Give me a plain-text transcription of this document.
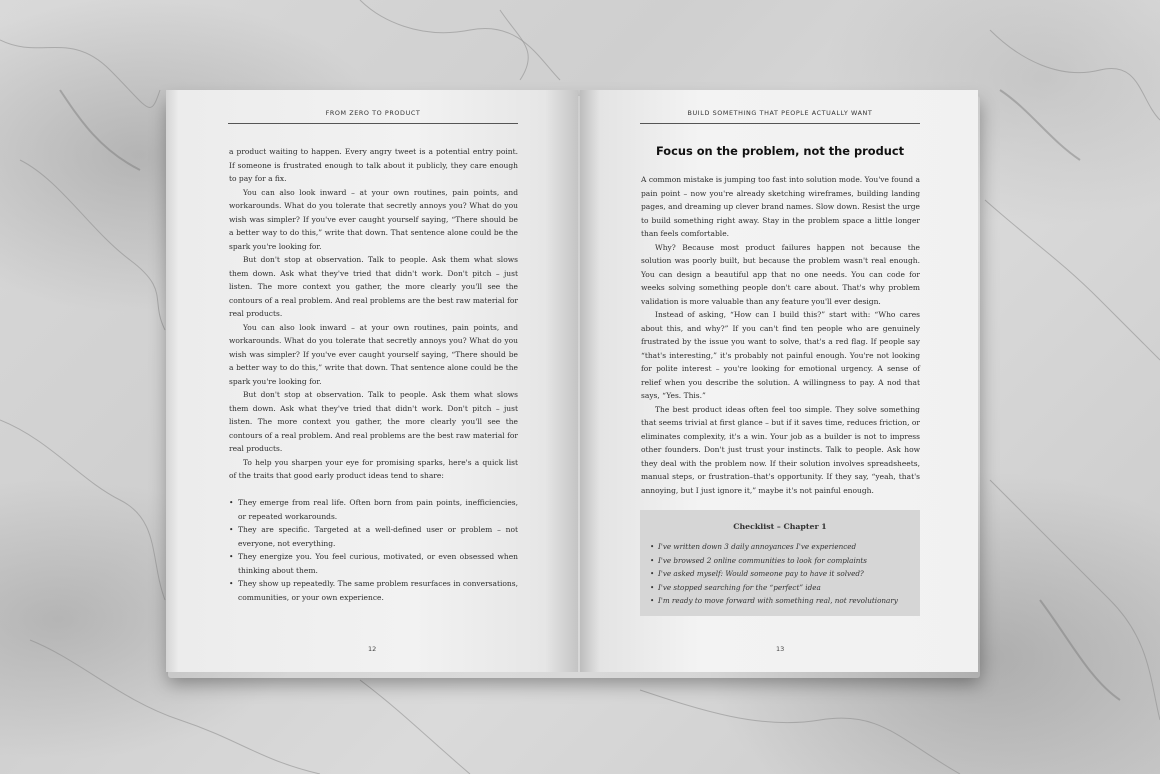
FROM ZERO TO PRODUCT

a product waiting to happen. Every angry tweet is a potential entry point. If someone is frustrated enough to talk about it publicly, they care enough to pay for a fix.

You can also look inward – at your own routines, pain points, and workarounds. What do you tolerate that secretly annoys you? What do you wish was simpler? If you've ever caught yourself saying, “There should be a better way to do this,” write that down. That sentence alone could be the spark you're looking for.

But don't stop at observation. Talk to people. Ask them what slows them down. Ask what they've tried that didn't work. Don't pitch – just listen. The more context you gather, the more clearly you'll see the contours of a real problem. And real problems are the best raw material for real products.

You can also look inward – at your own routines, pain points, and workarounds. What do you tolerate that secretly annoys you? What do you wish was simpler? If you've ever caught yourself saying, “There should be a better way to do this,” write that down. That sentence alone could be the spark you're looking for.

But don't stop at observation. Talk to people. Ask them what slows them down. Ask what they've tried that didn't work. Don't pitch – just listen. The more context you gather, the more clearly you'll see the contours of a real problem. And real problems are the best raw material for real products.

To help you sharpen your eye for promising sparks, here's a quick list of the traits that good early product ideas tend to share:

• They emerge from real life. Often born from pain points, inefficiencies, or repeated workarounds.
• They are specific. Targeted at a well-defined user or problem – not everyone, not everything.
• They energize you. You feel curious, motivated, or even obsessed when thinking about them.
• They show up repeatedly. The same problem resurfaces in conversations, communities, or your own experience.
12
BUILD SOMETHING THAT PEOPLE ACTUALLY WANT
Focus on the problem, not the product

A common mistake is jumping too fast into solution mode. You've found a pain point – now you're already sketching wireframes, building landing pages, and dreaming up clever brand names. Slow down. Resist the urge to build something right away. Stay in the problem space a little longer than feels comfortable.

Why? Because most product failures happen not because the solution was poorly built, but because the problem wasn't real enough. You can design a beautiful app that no one needs. You can code for weeks solving something people don't care about. That's why problem validation is more valuable than any feature you'll ever design.

Instead of asking, “How can I build this?” start with: “Who cares about this, and why?” If you can't find ten people who are genuinely frustrated by the issue you want to solve, that's a red flag. If people say “that's interesting,” it's probably not painful enough. You're not looking for polite interest – you're looking for emotional urgency. A sense of relief when you describe the solution. A willingness to pay. A nod that says, “Yes. This.”

The best product ideas often feel too simple. They solve something that seems trivial at first glance – but if it saves time, reduces friction, or eliminates complexity, it's a win. Your job as a builder is not to impress other founders. Don't just trust your instincts. Talk to people. Ask how they deal with the problem now. If their solution involves spreadsheets, manual steps, or frustration–that's opportunity. If they say, “yeah, that's annoying, but I just ignore it,” maybe it's not painful enough.

Checklist – Chapter 1
• I've written down 3 daily annoyances I've experienced
• I've browsed 2 online communities to look for complaints
• I've asked myself: Would someone pay to have it solved?
• I've stopped searching for the “perfect” idea
• I'm ready to move forward with something real, not revolutionary
13
